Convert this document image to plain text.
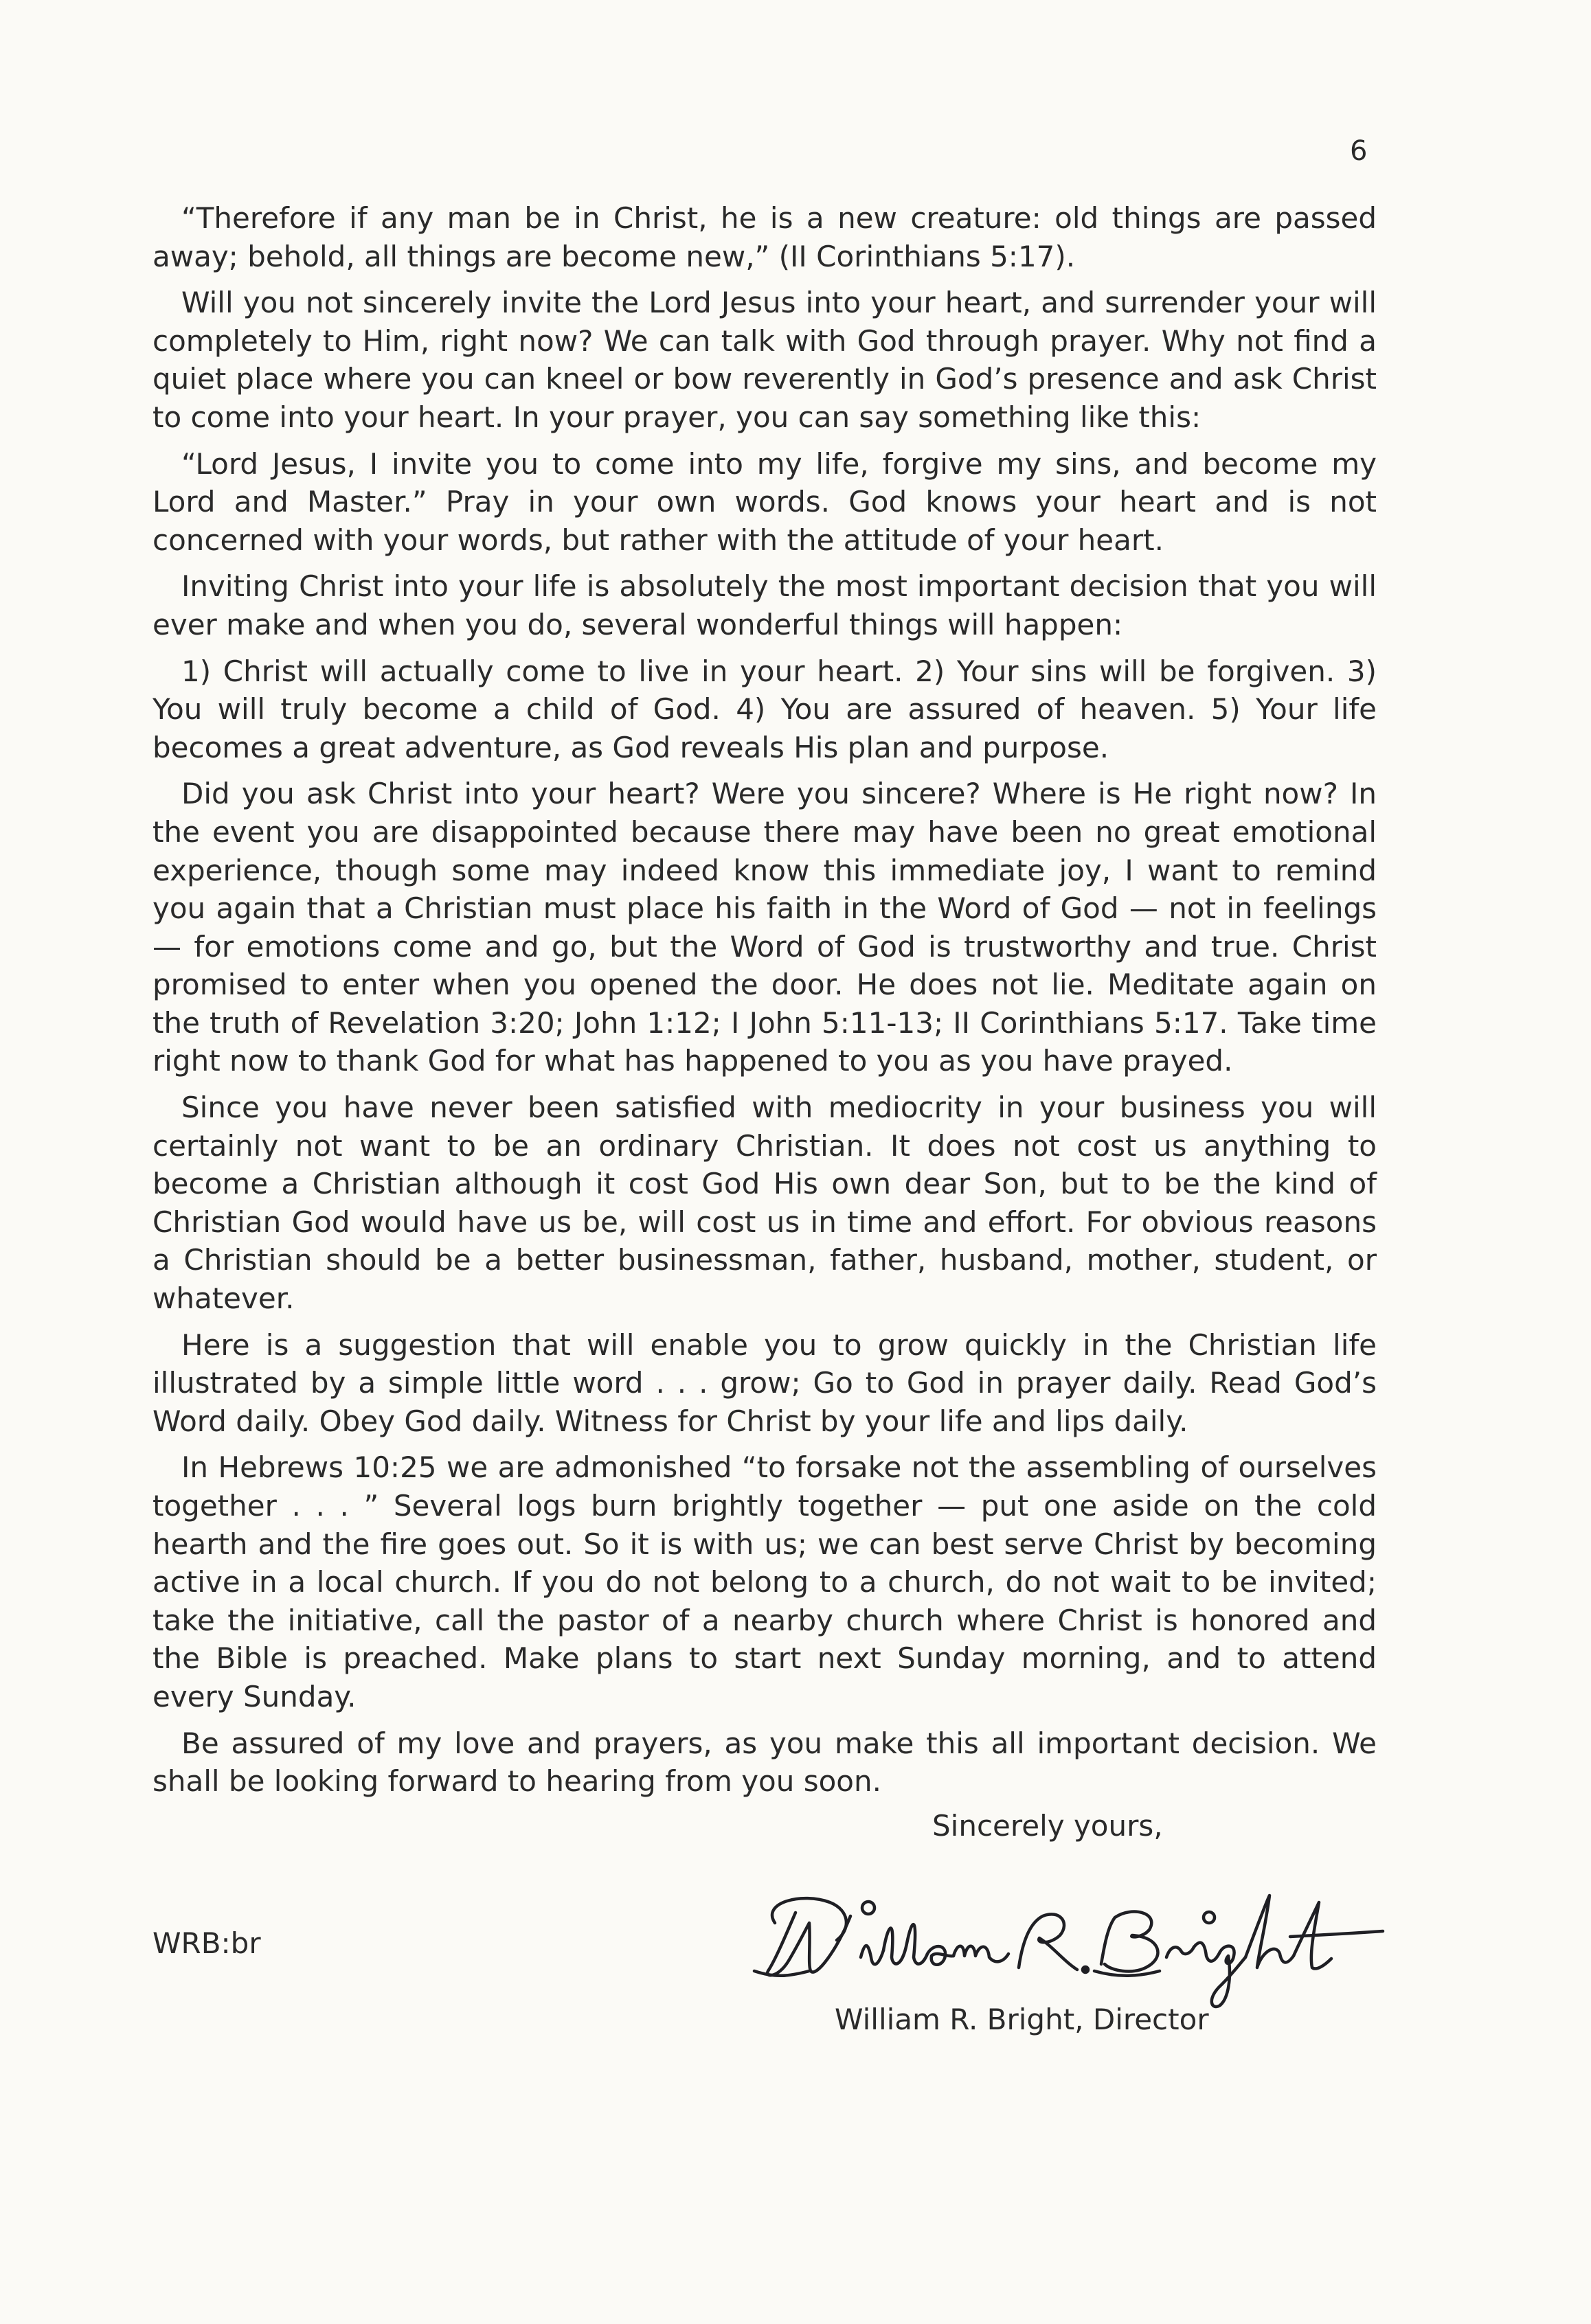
6

“Therefore if any man be in Christ, he is a new creature: old things are passed away; behold, all things are become new,” (II Corinthians 5:17).

Will you not sincerely invite the Lord Jesus into your heart, and surrender your will completely to Him, right now? We can talk with God through prayer. Why not find a quiet place where you can kneel or bow reverently in God’s presence and ask Christ to come into your heart. In your prayer, you can say something like this:

“Lord Jesus, I invite you to come into my life, forgive my sins, and become my Lord and Master.” Pray in your own words. God knows your heart and is not concerned with your words, but rather with the attitude of your heart.

Inviting Christ into your life is absolutely the most important decision that you will ever make and when you do, several wonderful things will happen:

1) Christ will actually come to live in your heart. 2) Your sins will be forgiven. 3) You will truly become a child of God. 4) You are assured of heaven. 5) Your life becomes a great adventure, as God reveals His plan and purpose.

Did you ask Christ into your heart? Were you sincere? Where is He right now? In the event you are disappointed because there may have been no great emotional experience, though some may indeed know this immediate joy, I want to remind you again that a Christian must place his faith in the Word of God — not in feelings — for emotions come and go, but the Word of God is trustworthy and true. Christ promised to enter when you opened the door. He does not lie. Meditate again on the truth of Revelation 3:20; John 1:12; I John 5:11-13; II Corinthians 5:17. Take time right now to thank God for what has happened to you as you have prayed.

Since you have never been satisfied with mediocrity in your business you will certainly not want to be an ordinary Christian. It does not cost us anything to become a Christian although it cost God His own dear Son, but to be the kind of Christian God would have us be, will cost us in time and effort. For obvious reasons a Christian should be a better businessman, father, husband, mother, student, or whatever.

Here is a suggestion that will enable you to grow quickly in the Christian life illustrated by a simple little word . . . grow; Go to God in prayer daily. Read God’s Word daily. Obey God daily. Witness for Christ by your life and lips daily.

In Hebrews 10:25 we are admonished “to forsake not the assembling of ourselves together . . . ” Several logs burn brightly together — put one aside on the cold hearth and the fire goes out. So it is with us; we can best serve Christ by becoming active in a local church. If you do not belong to a church, do not wait to be invited; take the initiative, call the pastor of a nearby church where Christ is honored and the Bible is preached. Make plans to start next Sunday morning, and to attend every Sunday.

Be assured of my love and prayers, as you make this all important decision. We shall be looking forward to hearing from you soon.

Sincerely yours,
WRB:br
William R. Bright, Director
